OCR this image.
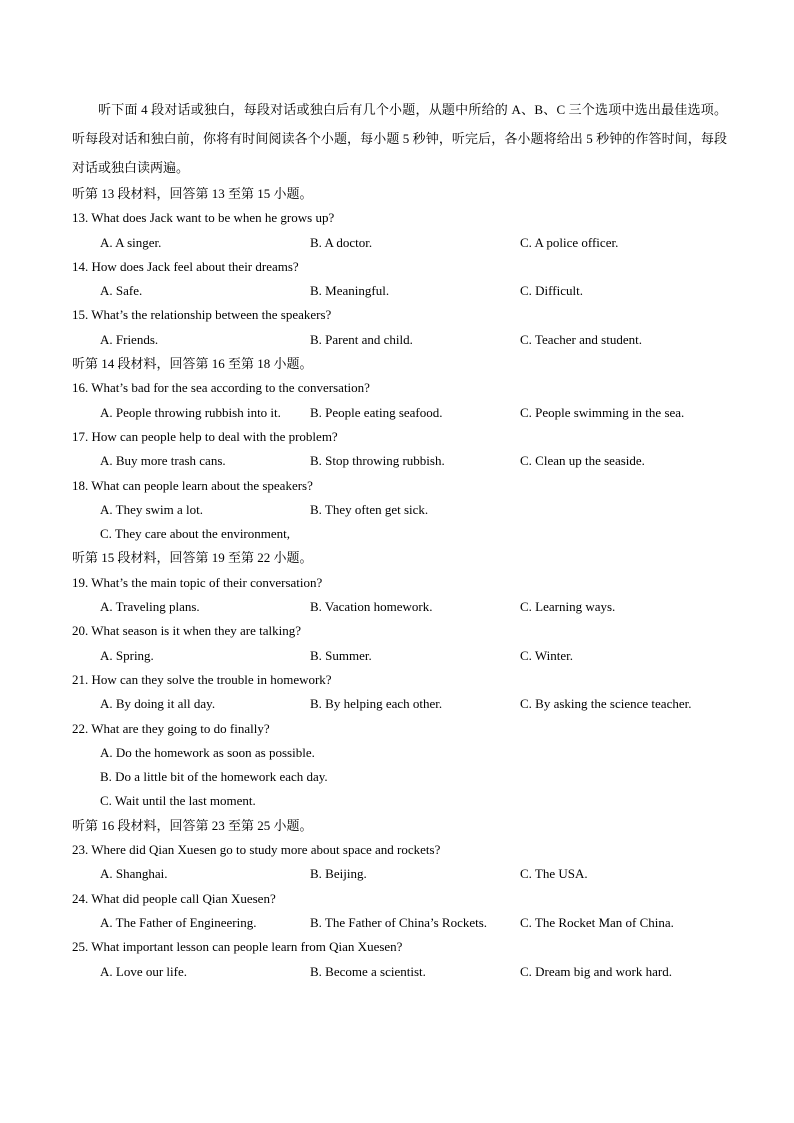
听下面 4 段对话或独白，每段对话或独白后有几个小题，从题中所给的 A、B、C 三个选项中选出最佳选项。听每段对话和独白前，你将有时间阅读各个小题，每小题 5 秒钟，听完后，各小题将给出 5 秒钟的作答时间，每段对话或独白读两遍。

听第 13 段材料，回答第 13 至第 15 小题。
13. What does Jack want to be when he grows up?
A. A singer.	B. A doctor.	C. A police officer.
14. How does Jack feel about their dreams?
A. Safe.	B. Meaningful.	C. Difficult.
15. What’s the relationship between the speakers?
A. Friends.	B. Parent and child.	C. Teacher and student.
听第 14 段材料，回答第 16 至第 18 小题。
16. What’s bad for the sea according to the conversation?
A. People throwing rubbish into it. B. People eating seafood.	C. People swimming in the sea.
17. How can people help to deal with the problem?
A. Buy more trash cans.	B. Stop throwing rubbish.	C. Clean up the seaside.
18. What can people learn about the speakers?
A. They swim a lot.	B. They often get sick.
C. They care about the environment,
听第 15 段材料，回答第 19 至第 22 小题。
19. What’s the main topic of their conversation?
A. Traveling plans.	B. Vacation homework.	C. Learning ways.
20. What season is it when they are talking?
A. Spring.	B. Summer.	C. Winter.
21. How can they solve the trouble in homework?
A. By doing it all day.	B. By helping each other.	C. By asking the science teacher.
22. What are they going to do finally?
A. Do the homework as soon as possible.
B. Do a little bit of the homework each day.
C. Wait until the last moment.
听第 16 段材料，回答第 23 至第 25 小题。
23. Where did Qian Xuesen go to study more about space and rockets?
A. Shanghai.	B. Beijing.	C. The USA.
24. What did people call Qian Xuesen?
A. The Father of Engineering.	B. The Father of China’s Rockets.	C. The Rocket Man of China.
25. What important lesson can people learn from Qian Xuesen?
A. Love our life.	B. Become a scientist.	C. Dream big and work hard.
